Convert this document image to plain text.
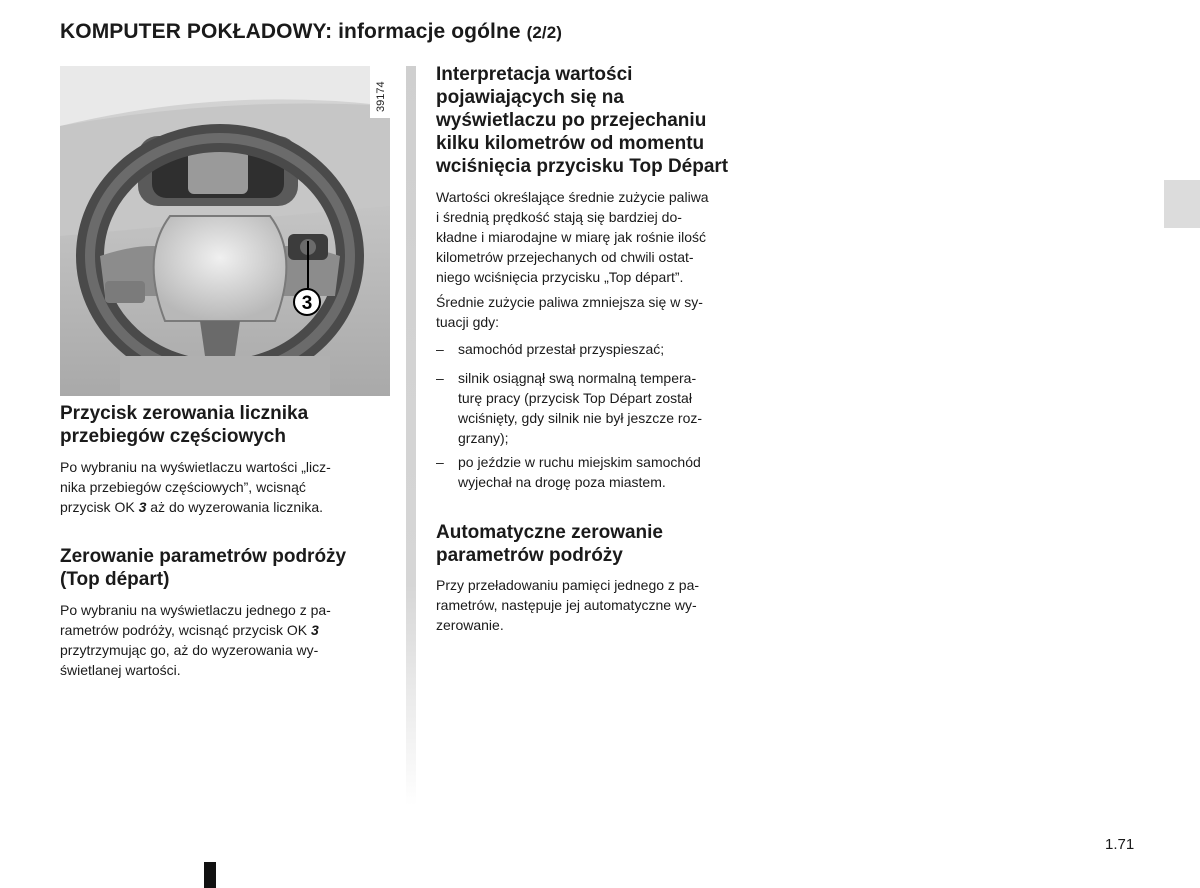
KOMPUTER POKŁADOWY: informacje ogólne (2/2)
3
39174
Przycisk zerowania licznika
przebiegów częściowych
Po wybraniu na wyświetlaczu wartości „licz-
nika przebiegów częściowych”, wcisnąć
przycisk OK 3 aż do wyzerowania licznika.
Zerowanie parametrów podróży
(Top départ)
Po wybraniu na wyświetlaczu jednego z pa-
rametrów podróży, wcisnąć przycisk OK 3
przytrzymując go, aż do wyzerowania wy-
świetlanej wartości.
Interpretacja wartości
pojawiających się na
wyświetlaczu po przejechaniu
kilku kilometrów od momentu
wciśnięcia przycisku Top Départ
Wartości określające średnie zużycie paliwa
i średnią prędkość stają się bardziej do-
kładne i miarodajne w miarę jak rośnie ilość
kilometrów przejechanych od chwili ostat-
niego wciśnięcia przycisku „Top départ”.
Średnie zużycie paliwa zmniejsza się w sy-
tuacji gdy:
– samochód przestał przyspieszać;
– silnik osiągnął swą normalną tempera-
turę pracy (przycisk Top Départ został
wciśnięty, gdy silnik nie był jeszcze roz-
grzany);
– po jeździe w ruchu miejskim samochód
wyjechał na drogę poza miastem.
Automatyczne zerowanie
parametrów podróży
Przy przeładowaniu pamięci jednego z pa-
rametrów, następuje jej automatyczne wy-
zerowanie.
1.71
